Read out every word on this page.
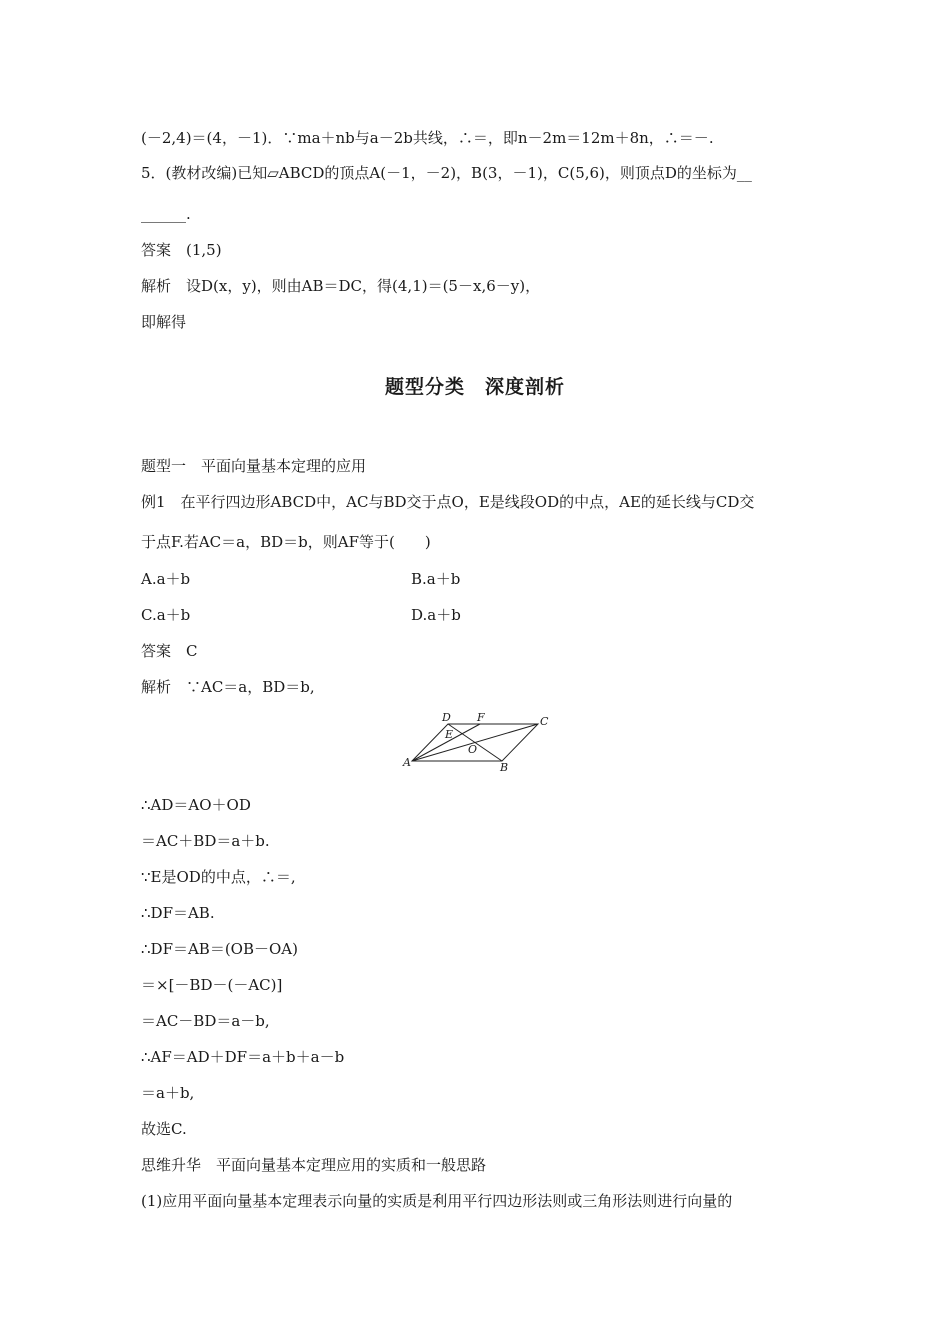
(－2,4)＝(4，－1)．∵ma＋nb与a－2b共线，∴＝，即n－2m＝12m＋8n，∴＝－.
5．(教材改编)已知▱ABCD的顶点A(－1，－2)，B(3，－1)，C(5,6)，则顶点D的坐标为__
______.
答案　(1,5)
解析　设D(x，y)，则由AB＝DC，得(4,1)＝(5－x,6－y)，
即解得
题型分类　深度剖析
题型一　平面向量基本定理的应用
例1　在平行四边形ABCD中，AC与BD交于点O，E是线段OD的中点，AE的延长线与CD交
于点F.若AC＝a，BD＝b，则AF等于(　　)
A.a＋b	B.a＋b
C.a＋b	D.a＋b
答案　C
解析　∵AC＝a，BD＝b,
D F	C
E
O
A	B
∴AD＝AO＋OD
＝AC＋BD＝a＋b.
∵E是OD的中点，∴＝,
∴DF＝AB.
∴DF＝AB＝(OB－OA)
＝×[－BD－(－AC)]
＝AC－BD＝a－b,
∴AF＝AD＋DF＝a＋b＋a－b
＝a＋b,
故选C.
思维升华　平面向量基本定理应用的实质和一般思路
(1)应用平面向量基本定理表示向量的实质是利用平行四边形法则或三角形法则进行向量的
